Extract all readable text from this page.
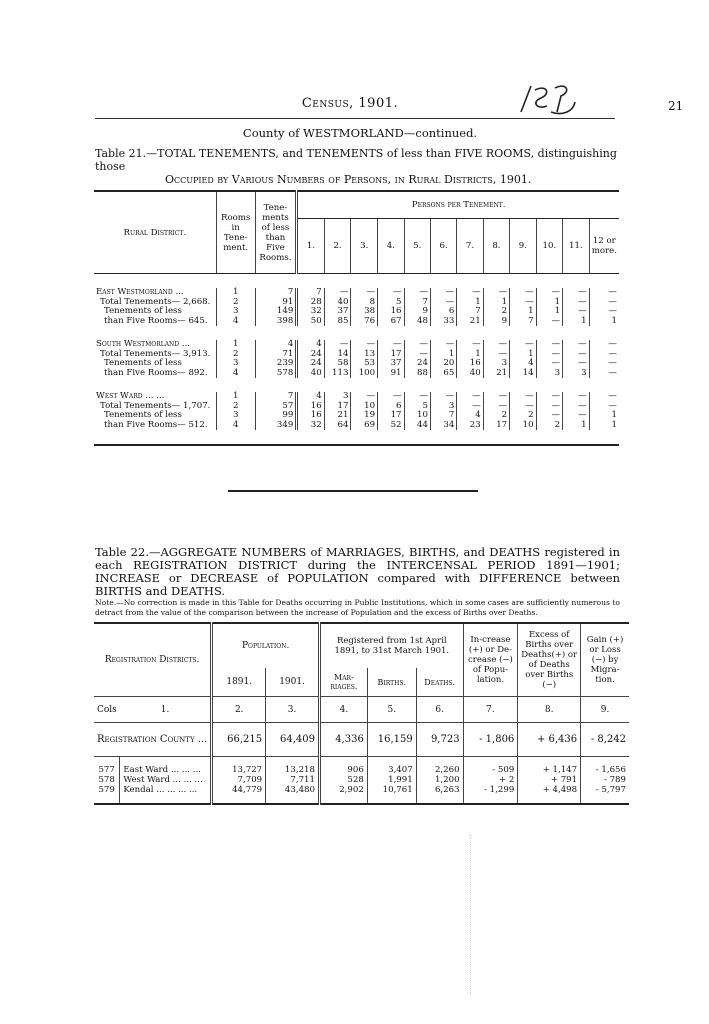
Census, 1901.	21
County of WESTMORLAND—continued.
Table 21.—TOTAL TENEMENTS, and TENEMENTS of less than FIVE ROOMS, distinguishing those
Occupied by Various Numbers of Persons, in Rural Districts, 1901.
Rural District.	Rooms in Tene-ment.	Tene-ments of less than Five Rooms.	Persons per Tenement.											
			1.	2.	3.	4.	5.	6.	7.	8.	9.	10.	11.	12 or more.

East Westmorland ...	1	7	7	—	—	—	—	—	—	—	—	—	—	—
Total Tenements— 2,668.	2	91	28	40	8	5	7	—	1	1	—	1	—	—
Tenements of less	3	149	32	37	38	16	9	6	7	2	1	1	—	—
than Five Rooms— 645.	4	398	50	85	76	67	48	33	21	9	7	—	1	1

South Westmorland ...	1	4	4	—	—	—	—	—	—	—	—	—	—	—
Total Tenements— 3,913.	2	71	24	14	13	17	—	1	1	—	1	—	—	—
Tenements of less	3	239	24	58	53	37	24	20	16	3	4	—	—	—
than Five Rooms— 892.	4	578	40	113	100	91	88	65	40	21	14	3	3	—

West Ward ... ...	1	7	4	3	—	—	—	—	—	—	—	—	—	—
Total Tenements— 1,707.	2	57	16	17	10	6	5	3	—	—	—	—	—	—
Tenements of less	3	99	16	21	19	17	10	7	4	2	2	—	—	1
than Five Rooms— 512.	4	349	32	64	69	52	44	34	23	17	10	2	1	1

Table 22.—AGGREGATE NUMBERS of MARRIAGES, BIRTHS, and DEATHS registered in each REGISTRATION DISTRICT during the INTERCENSAL PERIOD 1891—1901; INCREASE or DECREASE of POPULATION compared with DIFFERENCE between BIRTHS and DEATHS.
Note.—No correction is made in this Table for Deaths occurring in Public Institutions, which in some cases are sufficiently numerous to detract from the value of the comparison between the increase of Population and the excess of Births over Deaths.
Registration Districts.		Population.		Registered from 1st April 1891, to 31st March 1901.			In-crease (+) or De-crease (−) of Popu-lation.	Excess of Births over Deaths(+) or of Deaths over Births (−)	Gain (+) or Loss (−) by Migra-tion.
		1891.	1901.	Mar-riages.	Births.	Deaths.			
Cols	1.	2.	3.	4.	5.	6.	7.	8.	9.
Registration County ...		66,215	64,409	4,336	16,159	9,723	- 1,806	+ 6,436	- 8,242
577	East Ward ... ... ...	13,727	13,218	906	3,407	2,260	- 509	+ 1,147	- 1,656
578	West Ward ... ... ...	7,709	7,711	528	1,991	1,200	+ 2	+ 791	- 789
579	Kendal ... ... ... ...	44,779	43,480	2,902	10,761	6,263	- 1,299	+ 4,498	- 5,797
